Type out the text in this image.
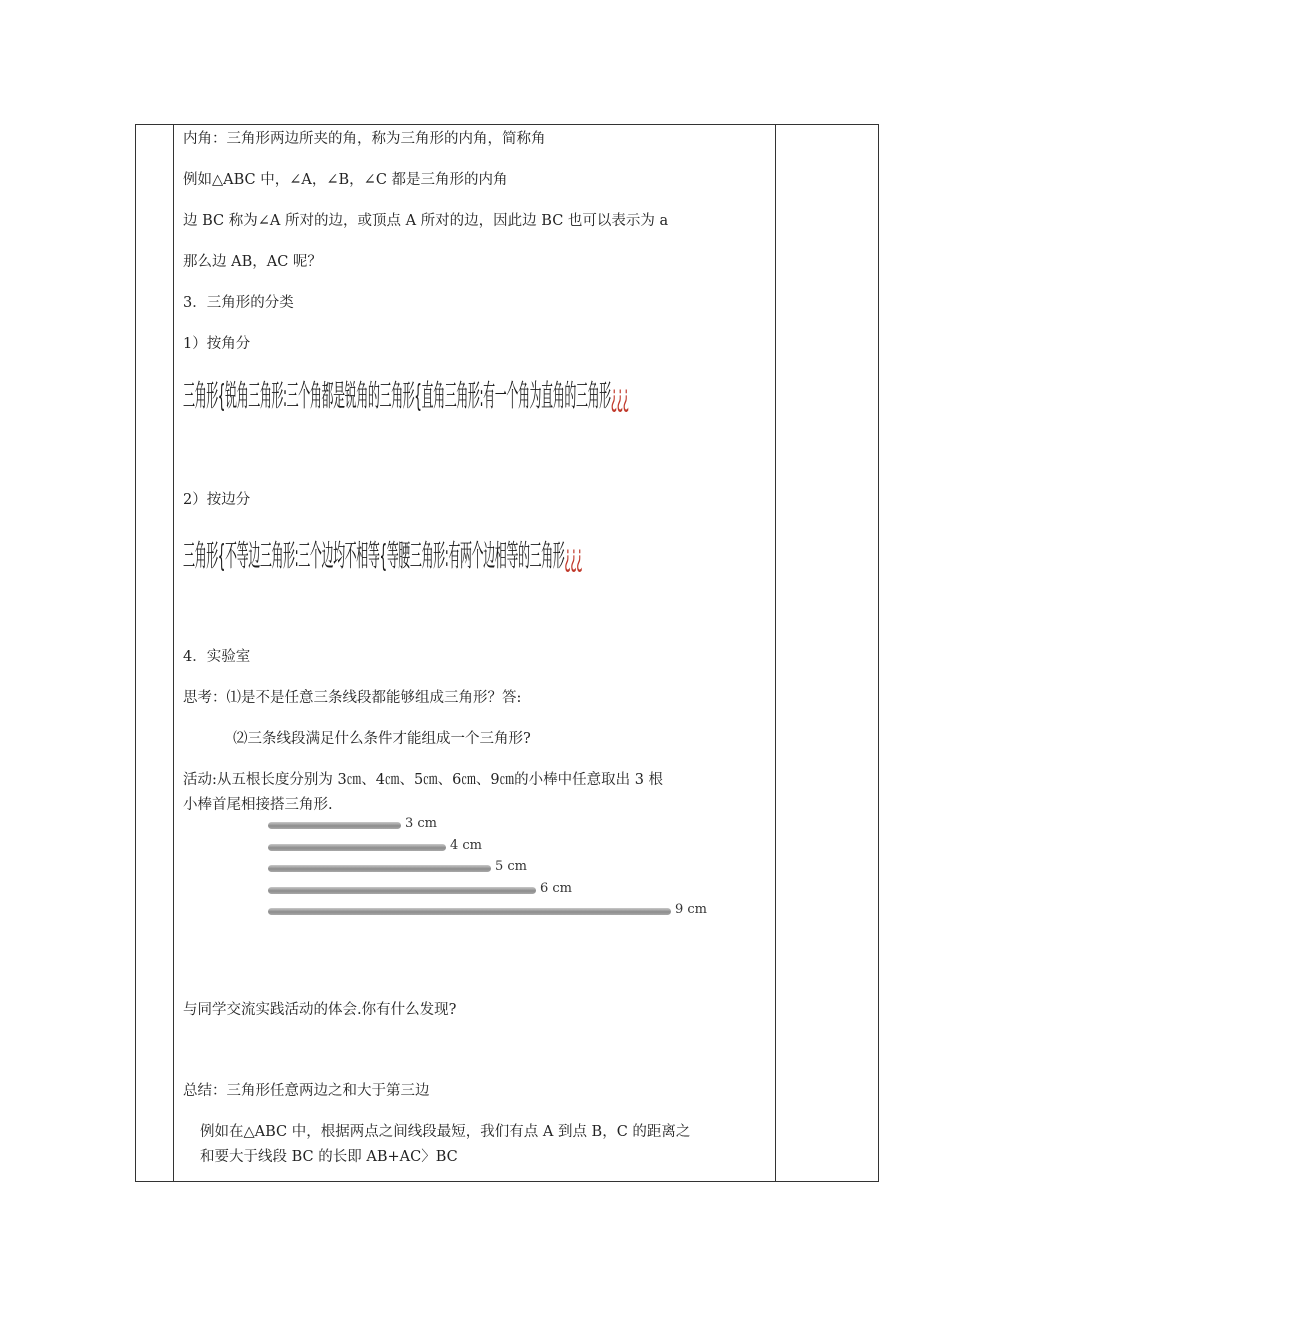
内角：三角形两边所夹的角，称为三角形的内角，简称角
例如△ABC 中，∠A，∠B，∠C 都是三角形的内角
边 BC 称为∠A 所对的边，或顶点 A 所对的边，因此边 BC 也可以表示为 a
那么边 AB，AC 呢？
3．三角形的分类
1）按角分
三角形{锐角三角形:三个角都是锐角的三角形{直角三角形:有一个角为直角的三角形¿¿¿
2）按边分
三角形{不等边三角形:三个边均不相等{等腰三角形:有两个边相等的三角形¿¿¿
4．实验室
思考：⑴是不是任意三条线段都能够组成三角形？答:
⑵三条线段满足什么条件才能组成一个三角形?
活动:从五根长度分别为 3㎝、4㎝、5㎝、6㎝、9㎝的小棒中任意取出 3 根
小棒首尾相接搭三角形.
3 cm
4 cm
5 cm
6 cm
9 cm
与同学交流实践活动的体会.你有什么发现?
总结：三角形任意两边之和大于第三边
例如在△ABC 中，根据两点之间线段最短，我们有点 A 到点 B，C 的距离之
和要大于线段 BC 的长即 AB+AC〉BC
